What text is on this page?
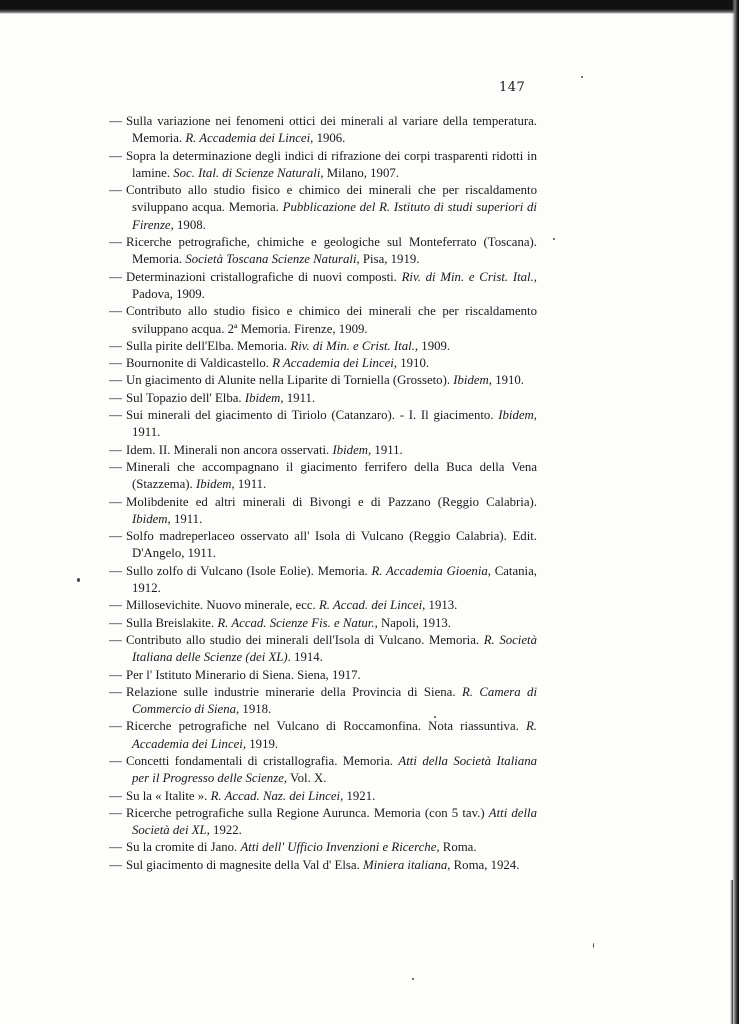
147
— Sulla variazione nei fenomeni ottici dei minerali al variare della temperatura. Memoria. R. Accademia dei Lincei, 1906.
— Sopra la determinazione degli indici di rifrazione dei corpi trasparenti ridotti in lamine. Soc. Ital. di Scienze Naturali, Milano, 1907.
— Contributo allo studio fisico e chimico dei minerali che per riscaldamento sviluppano acqua. Memoria. Pubblicazione del R. Istituto di studi superiori di Firenze, 1908.
— Ricerche petrografiche, chimiche e geologiche sul Monteferrato (Toscana). Memoria. Società Toscana Scienze Naturali, Pisa, 1919.
— Determinazioni cristallografiche di nuovi composti. Riv. di Min. e Crist. Ital., Padova, 1909.
— Contributo allo studio fisico e chimico dei minerali che per riscaldamento sviluppano acqua. 2ª Memoria. Firenze, 1909.
— Sulla pirite dell'Elba. Memoria. Riv. di Min. e Crist. Ital., 1909.
— Bournonite di Valdicastello. R Accademia dei Lincei, 1910.
— Un giacimento di Alunite nella Liparite di Torniella (Grosseto). Ibidem, 1910.
— Sul Topazio dell' Elba. Ibidem, 1911.
— Sui minerali del giacimento di Tiriolo (Catanzaro). - I. Il giacimento. Ibidem, 1911.
— Idem. II. Minerali non ancora osservati. Ibidem, 1911.
— Minerali che accompagnano il giacimento ferrifero della Buca della Vena (Stazzema). Ibidem, 1911.
— Molibdenite ed altri minerali di Bivongi e di Pazzano (Reggio Calabria). Ibidem, 1911.
— Solfo madreperlaceo osservato all' Isola di Vulcano (Reggio Calabria). Edit. D'Angelo, 1911.
— Sullo zolfo di Vulcano (Isole Eolie). Memoria. R. Accademia Gioenia, Catania, 1912.
— Millosevichite. Nuovo minerale, ecc. R. Accad. dei Lincei, 1913.
— Sulla Breislakite. R. Accad. Scienze Fis. e Natur., Napoli, 1913.
— Contributo allo studio dei minerali dell'Isola di Vulcano. Memoria. R. Società Italiana delle Scienze (dei XL). 1914.
— Per l' Istituto Minerario di Siena. Siena, 1917.
— Relazione sulle industrie minerarie della Provincia di Siena. R. Camera di Commercio di Siena, 1918.
— Ricerche petrografiche nel Vulcano di Roccamonfina. Nota riassuntiva. R. Accademia dei Lincei, 1919.
— Concetti fondamentali di cristallografia. Memoria. Atti della Società Italiana per il Progresso delle Scienze, Vol. X.
— Su la « Italite ». R. Accad. Naz. dei Lincei, 1921.
— Ricerche petrografiche sulla Regione Aurunca. Memoria (con 5 tav.) Atti della Società dei XL, 1922.
— Su la cromite di Jano. Atti dell' Ufficio Invenzioni e Ricerche, Roma.
— Sul giacimento di magnesite della Val d' Elsa. Miniera italiana, Roma, 1924.
